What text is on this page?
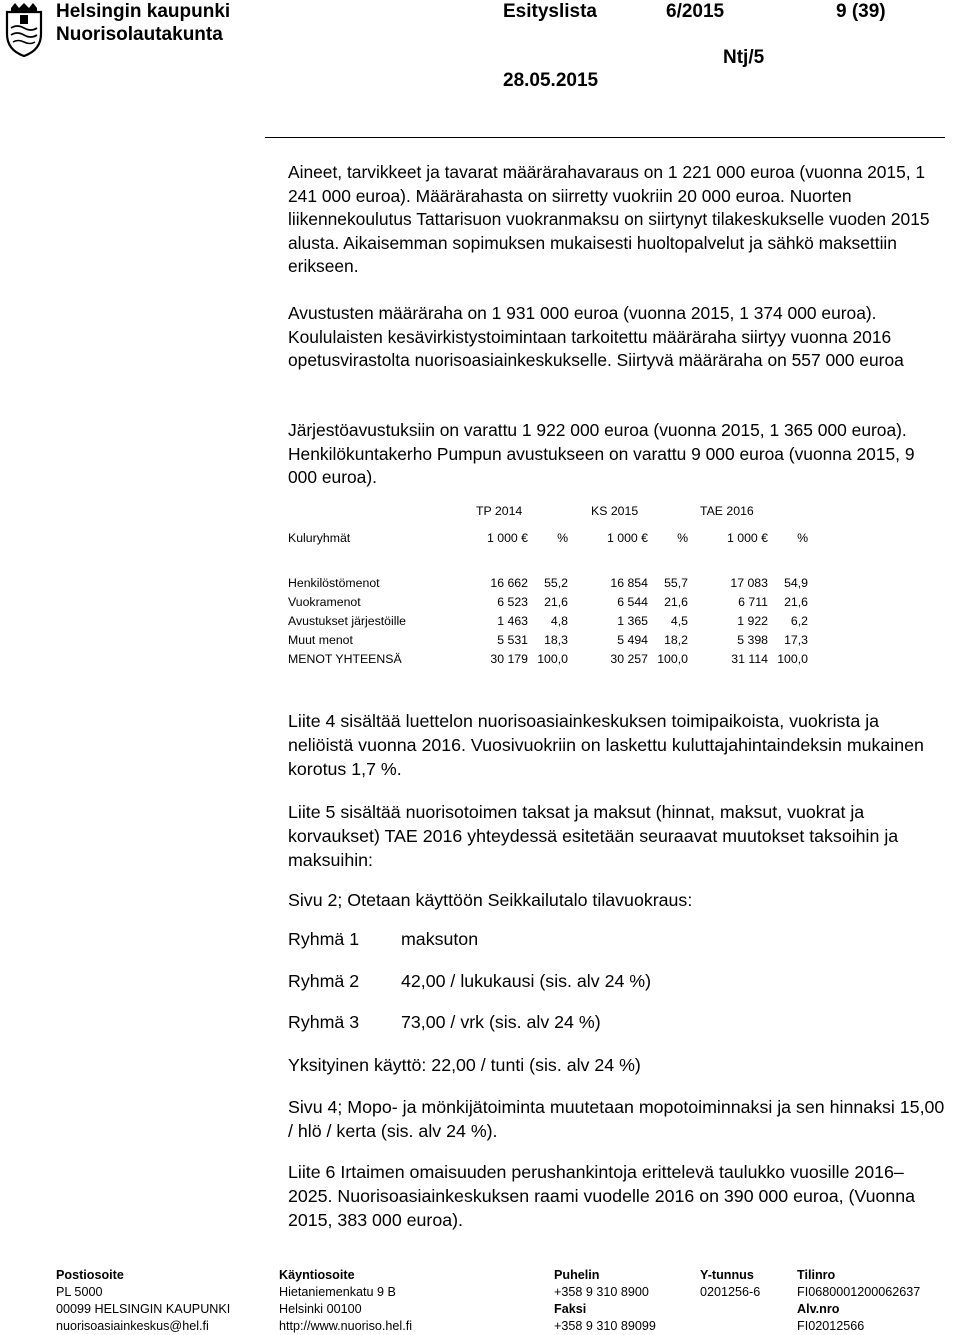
Helsingin kaupunki
Nuorisolautakunta
Esityslista	6/2015	9 (39)
Ntj/5
28.05.2015

Aineet, tarvikkeet ja tavarat määrärahavaraus on 1 221 000 euroa (vuonna 2015, 1 241 000 euroa). Määrärahasta on siirretty vuokriin 20 000 euroa. Nuorten liikennekoulutus Tattarisuon vuokranmaksu on siirtynyt tilakeskukselle vuoden 2015 alusta. Aikaisemman sopimuksen mukaisesti huoltopalvelut ja sähkö maksettiin erikseen.

Avustusten määräraha on 1 931 000 euroa (vuonna 2015, 1 374 000 euroa). Koululaisten kesävirkistystoimintaan tarkoitettu määräraha siirtyy vuonna 2016 opetusvirastolta nuorisoasiainkeskukselle. Siirtyvä määräraha on 557 000 euroa

Järjestöavustuksiin on varattu 1 922 000 euroa (vuonna 2015, 1 365 000 euroa). Henkilökuntakerho Pumpun avustukseen on varattu 9 000 euroa (vuonna 2015, 9 000 euroa).

	TP 2014		KS 2015		TAE 2016	

Kuluryhmät	1 000 €	%	1 000 €	%	1 000 €	%

Henkilöstömenot	16 662	55,2	16 854	55,7	17 083	54,9
Vuokramenot	6 523	21,6	6 544	21,6	6 711	21,6
Avustukset järjestöille	1 463	4,8	1 365	4,5	1 922	6,2
Muut menot	5 531	18,3	5 494	18,2	5 398	17,3
MENOT YHTEENSÄ	30 179	100,0	30 257	100,0	31 114	100,0
Liite 4 sisältää luettelon nuorisoasiainkeskuksen toimipaikoista, vuokrista ja neliöistä vuonna 2016. Vuosivuokriin on laskettu kuluttajahintaindeksin mukainen korotus 1,7 %.
Liite 5 sisältää nuorisotoimen taksat ja maksut (hinnat, maksut, vuokrat ja korvaukset) TAE 2016 yhteydessä esitetään seuraavat muutokset taksoihin ja maksuihin:
Sivu 2; Otetaan käyttöön Seikkailutalo tilavuokraus:
Ryhmä 1 maksuton
Ryhmä 2 42,00 / lukukausi (sis. alv 24 %)
Ryhmä 3 73,00 / vrk (sis. alv 24 %)
Yksityinen käyttö: 22,00 / tunti (sis. alv 24 %)
Sivu 4; Mopo- ja mönkijätoiminta muutetaan mopotoiminnaksi ja sen hinnaksi 15,00 / hlö / kerta (sis. alv 24 %).
Liite 6 Irtaimen omaisuuden perushankintoja erittelevä taulukko vuosille 2016–2025. Nuorisoasiainkeskuksen raami vuodelle 2016 on 390 000 euroa, (Vuonna 2015, 383 000 euroa).
Postiosoite
PL 5000
00099 HELSINGIN KAUPUNKI
nuorisoasiainkeskus@hel.fi
Käyntiosoite
Hietaniemenkatu 9 B
Helsinki 00100
http://www.nuoriso.hel.fi
Puhelin
+358 9 310 8900
Faksi
+358 9 310 89099
Y-tunnus
0201256-6
Tilinro
FI0680001200062637
Alv.nro
FI02012566
